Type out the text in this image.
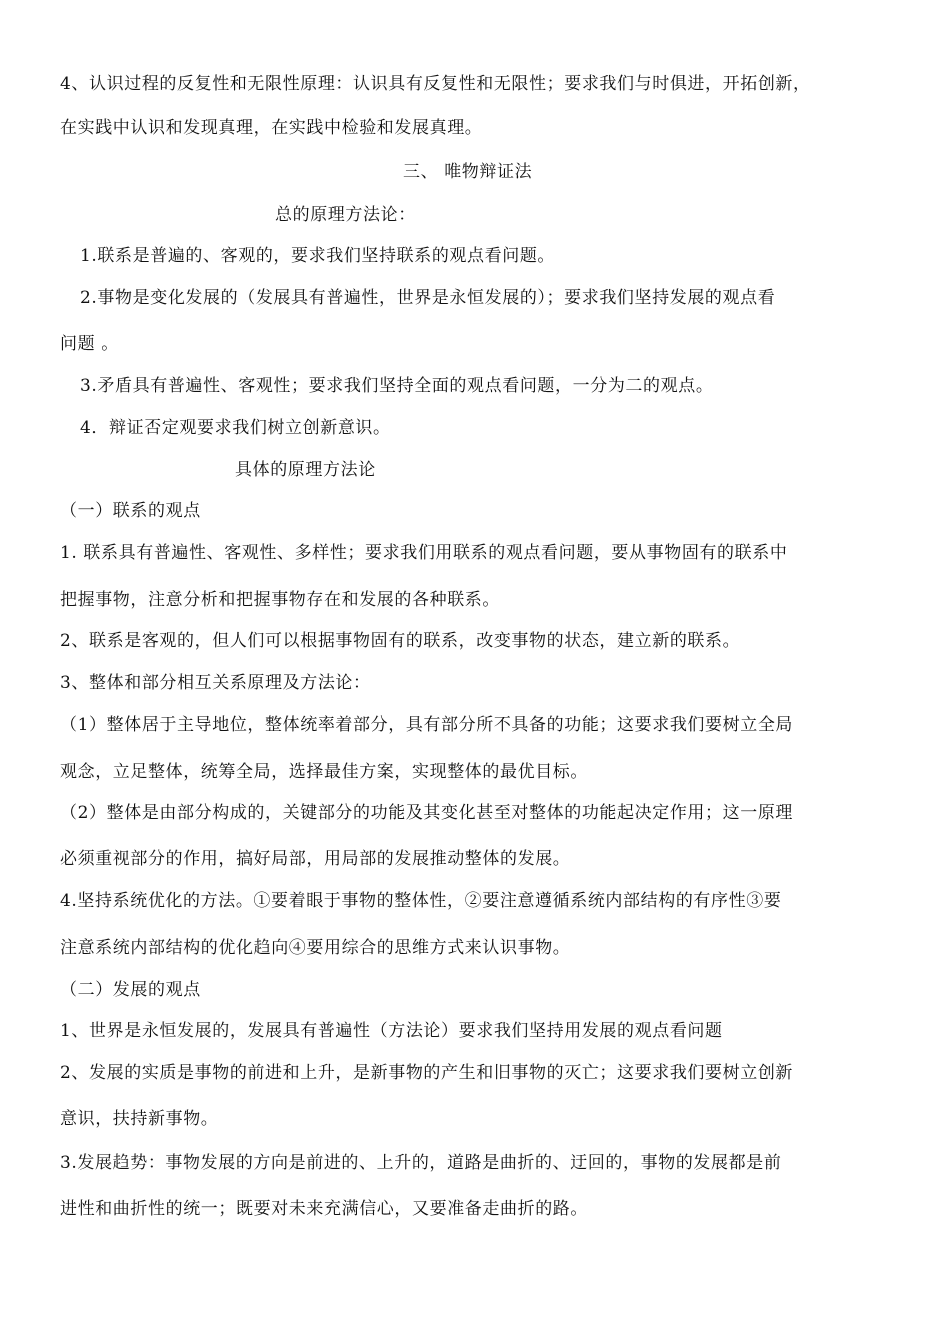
4、认识过程的反复性和无限性原理：认识具有反复性和无限性；要求我们与时俱进，开拓创新，
在实践中认识和发现真理，在实践中检验和发展真理。
三、 唯物辩证法
总的原理方法论：
1.联系是普遍的、客观的，要求我们坚持联系的观点看问题。
2.事物是变化发展的（发展具有普遍性，世界是永恒发展的）；要求我们坚持发展的观点看
问题 。
3.矛盾具有普遍性、客观性；要求我们坚持全面的观点看问题，一分为二的观点。
4．辩证否定观要求我们树立创新意识。
具体的原理方法论
（一）联系的观点
1. 联系具有普遍性、客观性、多样性；要求我们用联系的观点看问题，要从事物固有的联系中
把握事物，注意分析和把握事物存在和发展的各种联系。
2、联系是客观的，但人们可以根据事物固有的联系，改变事物的状态，建立新的联系。
3、整体和部分相互关系原理及方法论：
（1）整体居于主导地位，整体统率着部分，具有部分所不具备的功能；这要求我们要树立全局
观念，立足整体，统筹全局，选择最佳方案，实现整体的最优目标。
（2）整体是由部分构成的，关键部分的功能及其变化甚至对整体的功能起决定作用；这一原理
必须重视部分的作用，搞好局部，用局部的发展推动整体的发展。
4.坚持系统优化的方法。①要着眼于事物的整体性，②要注意遵循系统内部结构的有序性③要
注意系统内部结构的优化趋向④要用综合的思维方式来认识事物。
（二）发展的观点
1、世界是永恒发展的，发展具有普遍性（方法论）要求我们坚持用发展的观点看问题
2、发展的实质是事物的前进和上升，是新事物的产生和旧事物的灭亡；这要求我们要树立创新
意识，扶持新事物。
3.发展趋势：事物发展的方向是前进的、上升的，道路是曲折的、迂回的，事物的发展都是前
进性和曲折性的统一；既要对未来充满信心，又要准备走曲折的路。
